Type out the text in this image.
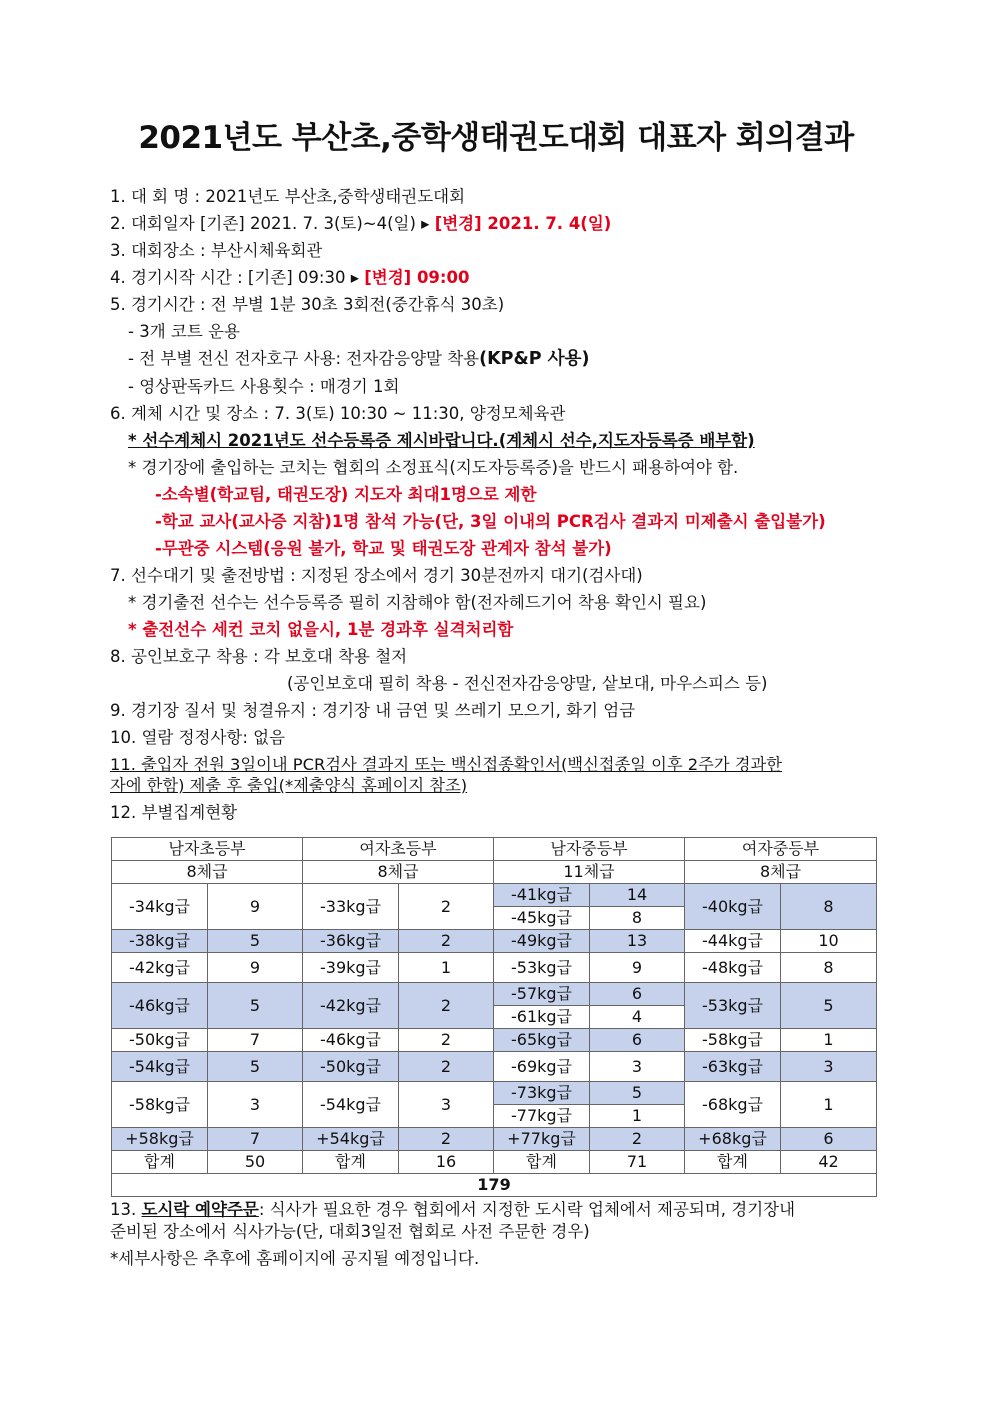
2021년도 부산초,중학생태권도대회 대표자 회의결과
1. 대 회 명 : 2021년도 부산초,중학생태권도대회
2. 대회일자 [기존] 2021. 7. 3(토)~4(일) ▸ [변경] 2021. 7. 4(일)
3. 대회장소 : 부산시체육회관
4. 경기시작 시간 : [기존] 09:30 ▸ [변경] 09:00
5. 경기시간 : 전 부별 1분 30초 3회전(중간휴식 30초)
- 3개 코트 운용
- 전 부별 전신 전자호구 사용: 전자감응양말 착용(KP&P 사용)
- 영상판독카드 사용횟수 : 매경기 1회
6. 계체 시간 및 장소 : 7. 3(토) 10:30 ~ 11:30, 양정모체육관
* 선수계체시 2021년도 선수등록증 제시바랍니다.(계체시 선수,지도자등록증 배부함)
* 경기장에 출입하는 코치는 협회의 소정표식(지도자등록증)을 반드시 패용하여야 함.
-소속별(학교팀, 태권도장) 지도자 최대1명으로 제한
-학교 교사(교사증 지참)1명 참석 가능(단, 3일 이내의 PCR검사 결과지 미제출시 출입불가)
-무관중 시스템(응원 불가, 학교 및 태권도장 관계자 참석 불가)
7. 선수대기 및 출전방법 : 지정된 장소에서 경기 30분전까지 대기(검사대)
* 경기출전 선수는 선수등록증 필히 지참해야 함(전자헤드기어 착용 확인시 필요)
* 출전선수 세컨 코치 없을시, 1분 경과후 실격처리함
8. 공인보호구 착용 : 각 보호대 착용 철저
(공인보호대 필히 착용 - 전신전자감응양말, 샅보대, 마우스피스 등)
9. 경기장 질서 및 청결유지 : 경기장 내 금연 및 쓰레기 모으기, 화기 엄금
10. 열람 정정사항: 없음
11. 출입자 전원 3일이내 PCR검사 결과지 또는 백신접종확인서(백신접종일 이후 2주가 경과한
자에 한함) 제출 후 출입(*제출양식 홈페이지 참조)
12. 부별집계현황
남자초등부		여자초등부		남자중등부		여자중등부	
8체급		8체급		11체급		8체급	
-34kg급	9	-33kg급	2	-41kg급	14	-40kg급	8
				-45kg급	8		
-38kg급	5	-36kg급	2	-49kg급	13	-44kg급	10
-42kg급	9	-39kg급	1	-53kg급	9	-48kg급	8
-46kg급	5	-42kg급	2	-57kg급	6	-53kg급	5
				-61kg급	4		
-50kg급	7	-46kg급	2	-65kg급	6	-58kg급	1
-54kg급	5	-50kg급	2	-69kg급	3	-63kg급	3
-58kg급	3	-54kg급	3	-73kg급	5	-68kg급	1
				-77kg급	1		
+58kg급	7	+54kg급	2	+77kg급	2	+68kg급	6
합계	50	합계	16	합계	71	합계	42
179							
13. 도시락 예약주문: 식사가 필요한 경우 협회에서 지정한 도시락 업체에서 제공되며, 경기장내
준비된 장소에서 식사가능(단, 대회3일전 협회로 사전 주문한 경우)
*세부사항은 추후에 홈페이지에 공지될 예정입니다.
